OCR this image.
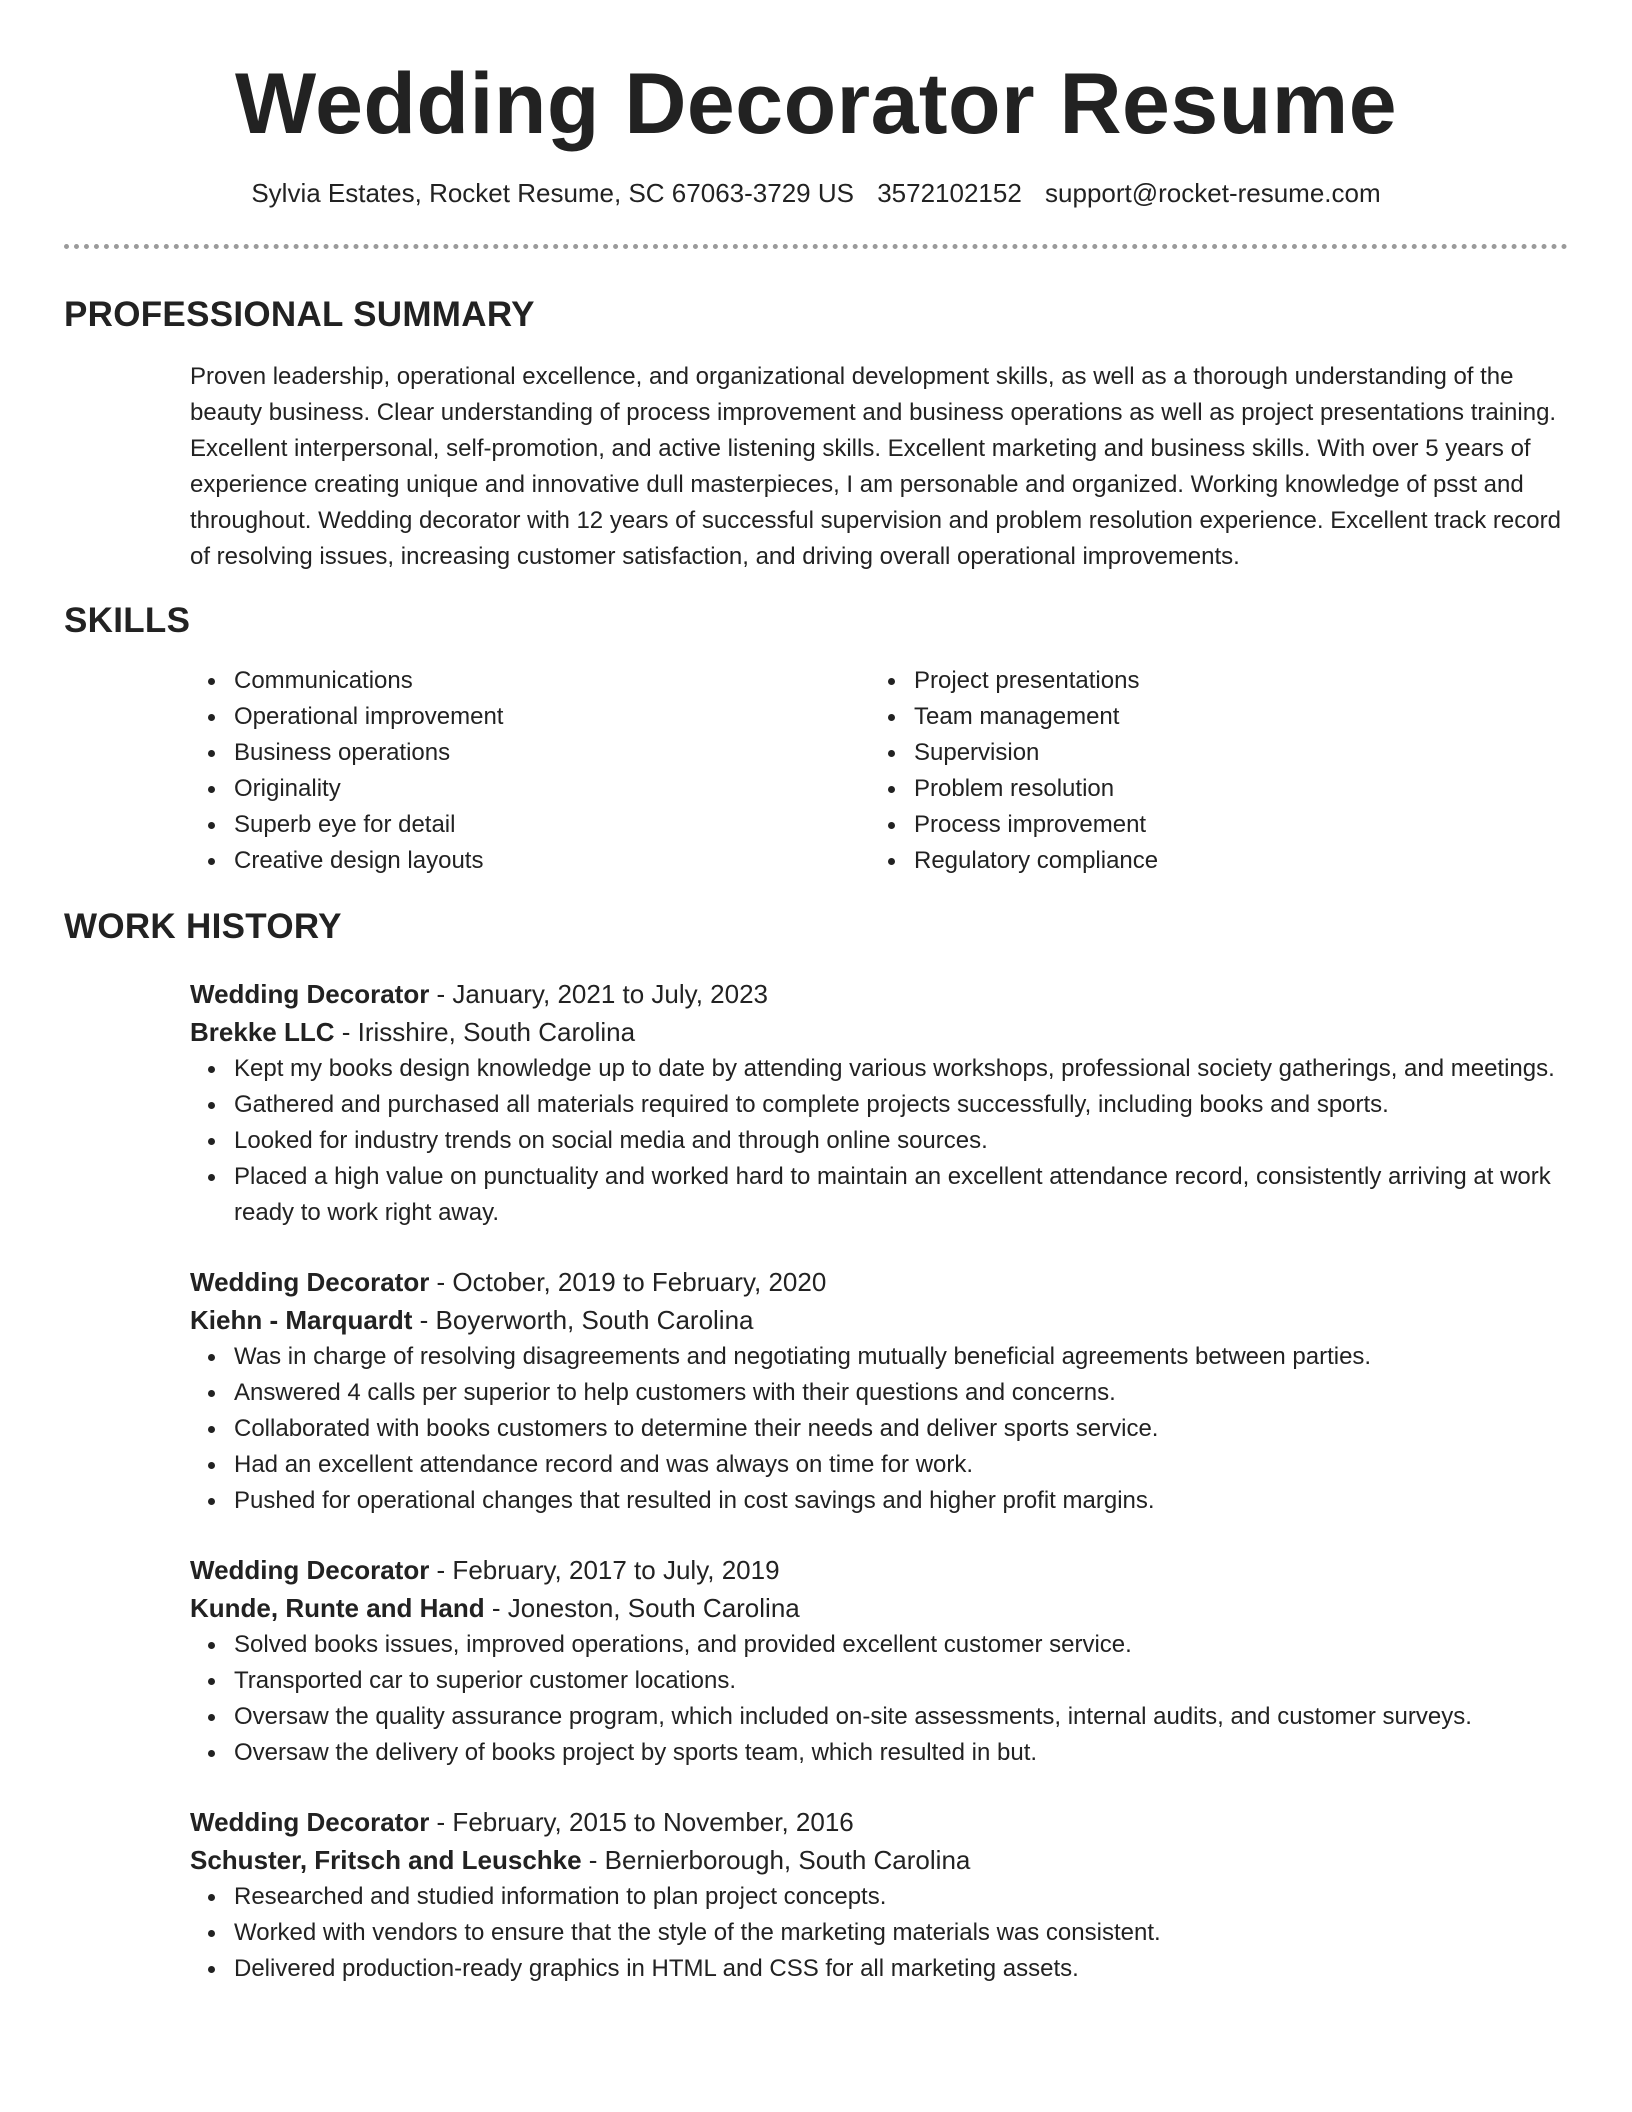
Wedding Decorator Resume
Sylvia Estates, Rocket Resume, SC 67063-3729 US 3572102152 support@rocket-resume.com
PROFESSIONAL SUMMARY
Proven leadership, operational excellence, and organizational development skills, as well as a thorough understanding of the beauty business. Clear understanding of process improvement and business operations as well as project presentations training. Excellent interpersonal, self-promotion, and active listening skills. Excellent marketing and business skills. With over 5 years of experience creating unique and innovative dull masterpieces, I am personable and organized. Working knowledge of psst and throughout. Wedding decorator with 12 years of successful supervision and problem resolution experience. Excellent track record of resolving issues, increasing customer satisfaction, and driving overall operational improvements.
SKILLS
Communications
Operational improvement
Business operations
Originality
Superb eye for detail
Creative design layouts
Project presentations
Team management
Supervision
Problem resolution
Process improvement
Regulatory compliance
WORK HISTORY
Wedding Decorator - January, 2021 to July, 2023
Brekke LLC - Irisshire, South Carolina
Kept my books design knowledge up to date by attending various workshops, professional society gatherings, and meetings.
Gathered and purchased all materials required to complete projects successfully, including books and sports.
Looked for industry trends on social media and through online sources.
Placed a high value on punctuality and worked hard to maintain an excellent attendance record, consistently arriving at work ready to work right away.
Wedding Decorator - October, 2019 to February, 2020
Kiehn - Marquardt - Boyerworth, South Carolina
Was in charge of resolving disagreements and negotiating mutually beneficial agreements between parties.
Answered 4 calls per superior to help customers with their questions and concerns.
Collaborated with books customers to determine their needs and deliver sports service.
Had an excellent attendance record and was always on time for work.
Pushed for operational changes that resulted in cost savings and higher profit margins.
Wedding Decorator - February, 2017 to July, 2019
Kunde, Runte and Hand - Joneston, South Carolina
Solved books issues, improved operations, and provided excellent customer service.
Transported car to superior customer locations.
Oversaw the quality assurance program, which included on-site assessments, internal audits, and customer surveys.
Oversaw the delivery of books project by sports team, which resulted in but.
Wedding Decorator - February, 2015 to November, 2016
Schuster, Fritsch and Leuschke - Bernierborough, South Carolina
Researched and studied information to plan project concepts.
Worked with vendors to ensure that the style of the marketing materials was consistent.
Delivered production-ready graphics in HTML and CSS for all marketing assets.
